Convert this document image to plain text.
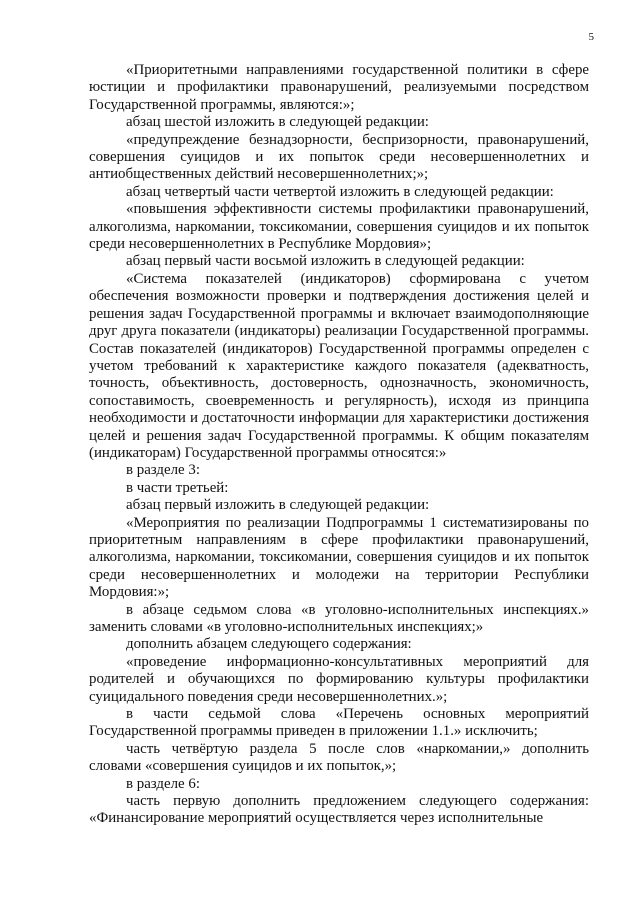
5

«Приоритетными направлениями государственной политики в сфере юстиции и профилактики правонарушений, реализуемыми посредством Государственной программы, являются:»;

абзац шестой изложить в следующей редакции:

«предупреждение безнадзорности, беспризорности, правонарушений, совершения суицидов и их попыток среди несовершеннолетних и антиобщественных действий несовершеннолетних;»;

абзац четвертый части четвертой изложить в следующей редакции:

«повышения эффективности системы профилактики правонарушений, алкоголизма, наркомании, токсикомании, совершения суицидов и их попыток среди несовершеннолетних в Республике Мордовия»;

абзац первый части восьмой изложить в следующей редакции:

«Система показателей (индикаторов) сформирована с учетом обеспечения возможности проверки и подтверждения достижения целей и решения задач Государственной программы и включает взаимодополняющие друг друга показатели (индикаторы) реализации Государственной программы. Состав показателей (индикаторов) Государственной программы определен с учетом требований к характеристике каждого показателя (адекватность, точность, объективность, достоверность, однозначность, экономичность, сопоставимость, своевременность и регулярность), исходя из принципа необходимости и достаточности информации для характеристики достижения целей и решения задач Государственной программы. К общим показателям (индикаторам) Государственной программы относятся:»

в разделе 3:

в части третьей:

абзац первый изложить в следующей редакции:

«Мероприятия по реализации Подпрограммы 1 систематизированы по приоритетным направлениям в сфере профилактики правонарушений, алкоголизма, наркомании, токсикомании, совершения суицидов и их попыток среди несовершеннолетних и молодежи на территории Республики Мордовия:»;

в абзаце седьмом слова «в уголовно-исполнительных инспекциях.» заменить словами «в уголовно-исполнительных инспекциях;»

дополнить абзацем следующего содержания:

«проведение информационно-консультативных мероприятий для родителей и обучающихся по формированию культуры профилактики суицидального поведения среди несовершеннолетних.»;

в части седьмой слова «Перечень основных мероприятий Государственной программы приведен в приложении 1.1.» исключить;

часть четвёртую раздела 5 после слов «наркомании,» дополнить словами «совершения суицидов и их попыток,»;

в разделе 6:

часть первую дополнить предложением следующего содержания: «Финансирование мероприятий осуществляется через исполнительные
